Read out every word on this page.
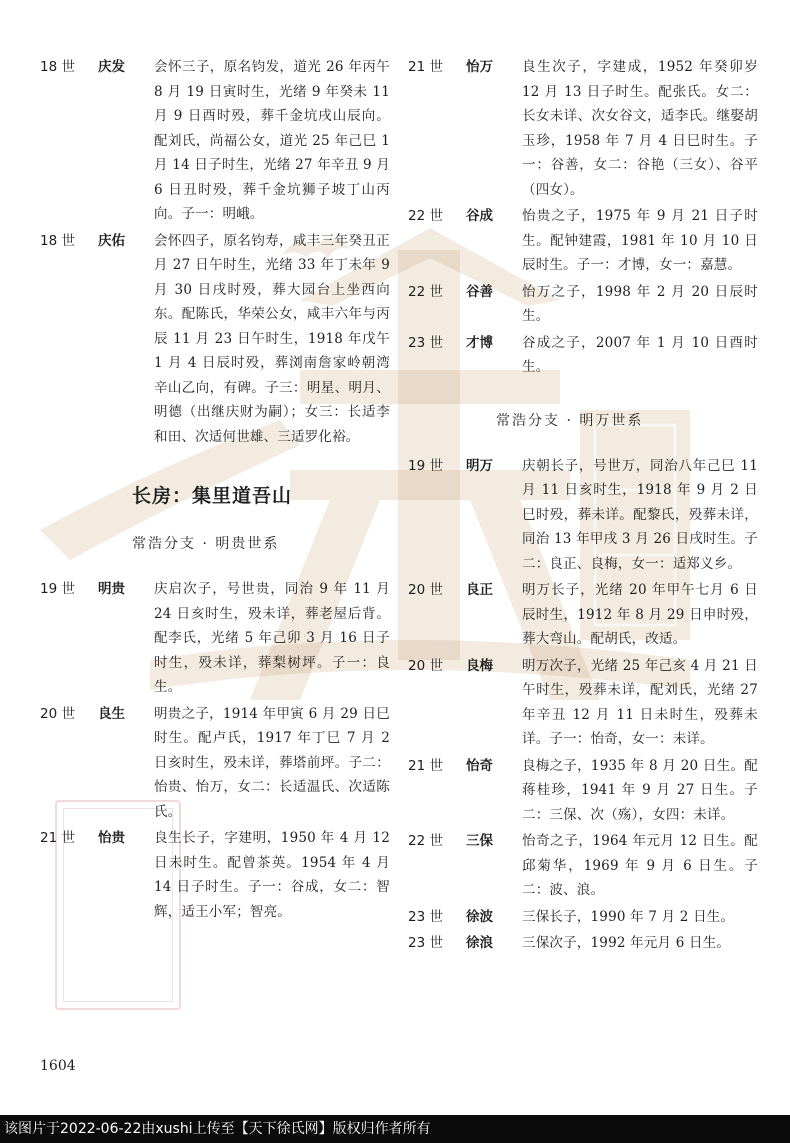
18 世	庆发	会怀三子，原名钧发，道光 26 年丙午 8 月 19 日寅时生，光绪 9 年癸未 11 月 9 日酉时殁，葬千金坑戌山辰向。配刘氏，尚福公女，道光 25 年己巳 1 月 14 日子时生，光绪 27 年辛丑 9 月 6 日丑时殁，葬千金坑狮子坡丁山丙向。子一：明峨。
18 世	庆佑	会怀四子，原名钧寿，咸丰三年癸丑正月 27 日午时生，光绪 33 年丁未年 9 月 30 日戌时殁，葬大园台上坐西向东。配陈氏，华荣公女，咸丰六年与丙辰 11 月 23 日午时生，1918 年戊午 1 月 4 日辰时殁，葬浏南詹家岭朝湾辛山乙向，有碑。子三：明星、明月、明德（出继庆财为嗣）；女三：长适李和田、次适何世雄、三适罗化裕。
长房：集里道吾山
常浩分支 · 明贵世系
19 世	明贵	庆启次子，号世贵，同治 9 年 11 月 24 日亥时生，殁未详，葬老屋后背。配李氏，光绪 5 年己卯 3 月 16 日子时生，殁未详，葬梨树坪。子一：良生。
20 世	良生	明贵之子，1914 年甲寅 6 月 29 日巳时生。配卢氏，1917 年丁巳 7 月 2 日亥时生，殁未详，葬塔前坪。子二：怡贵、怡万，女二：长适温氏、次适陈氏。
21 世	怡贵	良生长子，字建明，1950 年 4 月 12 日未时生。配曾茶英。1954 年 4 月 14 日子时生。子一：谷成，女二：智辉，适王小军；智亮。
21 世	怡万	良生次子，字建成，1952 年癸卯岁 12 月 13 日子时生。配张氏。女二：长女未详、次女谷文，适李氏。继娶胡玉珍，1958 年 7 月 4 日巳时生。子一：谷善，女二：谷艳（三女）、谷平（四女）。
22 世	谷成	怡贵之子，1975 年 9 月 21 日子时生。配钟建霞，1981 年 10 月 10 日辰时生。子一：才博，女一：嘉慧。
22 世	谷善	怡万之子，1998 年 2 月 20 日辰时生。
23 世	才博	谷成之子，2007 年 1 月 10 日酉时生。
常浩分支 · 明万世系
19 世	明万	庆朝长子，号世万，同治八年己巳 11 月 11 日亥时生，1918 年 9 月 2 日巳时殁，葬未详。配黎氏，殁葬未详，同治 13 年甲戌 3 月 26 日戌时生。子二：良正、良梅，女一：适郑义乡。
20 世	良正	明万长子，光绪 20 年甲午七月 6 日辰时生，1912 年 8 月 29 日申时殁，葬大弯山。配胡氏，改适。
20 世	良梅	明万次子，光绪 25 年己亥 4 月 21 日午时生，殁葬未详，配刘氏，光绪 27 年辛丑 12 月 11 日未时生，殁葬未详。子一：怡奇，女一：未详。
21 世	怡奇	良梅之子，1935 年 8 月 20 日生。配蒋桂珍，1941 年 9 月 27 日生。子二：三保、次（殇），女四：未详。
22 世	三保	怡奇之子，1964 年元月 12 日生。配邱菊华，1969 年 9 月 6 日生。子二：波、浪。
23 世	徐波	三保长子，1990 年 7 月 2 日生。
23 世	徐浪	三保次子，1992 年元月 6 日生。
1604
该图片于2022-06-22由xushi上传至【天下徐氏网】版权归作者所有
